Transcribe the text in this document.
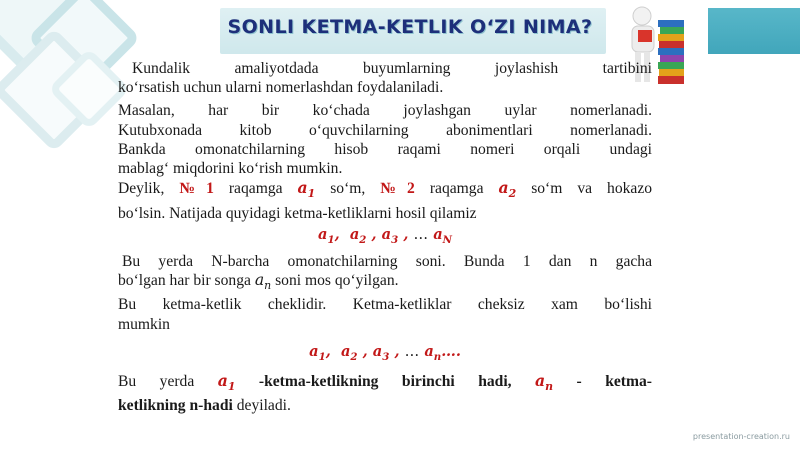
SONLI KETMA-KETLIK O‘ZI NIMA?

Kundalik amaliyotdada buyumlarning joylashish tartibini

ko‘rsatish uchun ularni nomerlashdan foydalaniladi.

Masalan, har bir ko‘chada joylashgan uylar nomerlanadi.

Kutubxonada kitob o‘quvchilarning abonimentlari nomerlanadi.

Bankda omonatchilarning hisob raqami nomeri orqali undagi

mablag‘ miqdorini ko‘rish mumkin.

Deylik, №1 raqamga $a_1$ so‘m, №2 raqamga $a_2$ so‘m va hokazo

bo‘lsin. Natijada quyidagi ketma-ketliklarni hosil qilamiz

$a_1$,  $a_2$ , $a_3$ , … $a_N$

Bu yerda N-barcha omonatchilarning soni. Bunda 1 dan n gacha

bo‘lgan har bir songa $a_n$ soni mos qo‘yilgan.

Bu ketma-ketlik cheklidir. Ketma-ketliklar cheksiz xam bo‘lishi

mumkin

$a_1$,  $a_2$ , $a_3$ , … $a_n\dots$.

Bu yerda $a_1$ -ketma-ketlikning birinchi hadi, $a_n$ - ketma-

ketlikning n-hadi deyiladi.

presentation-creation.ru
